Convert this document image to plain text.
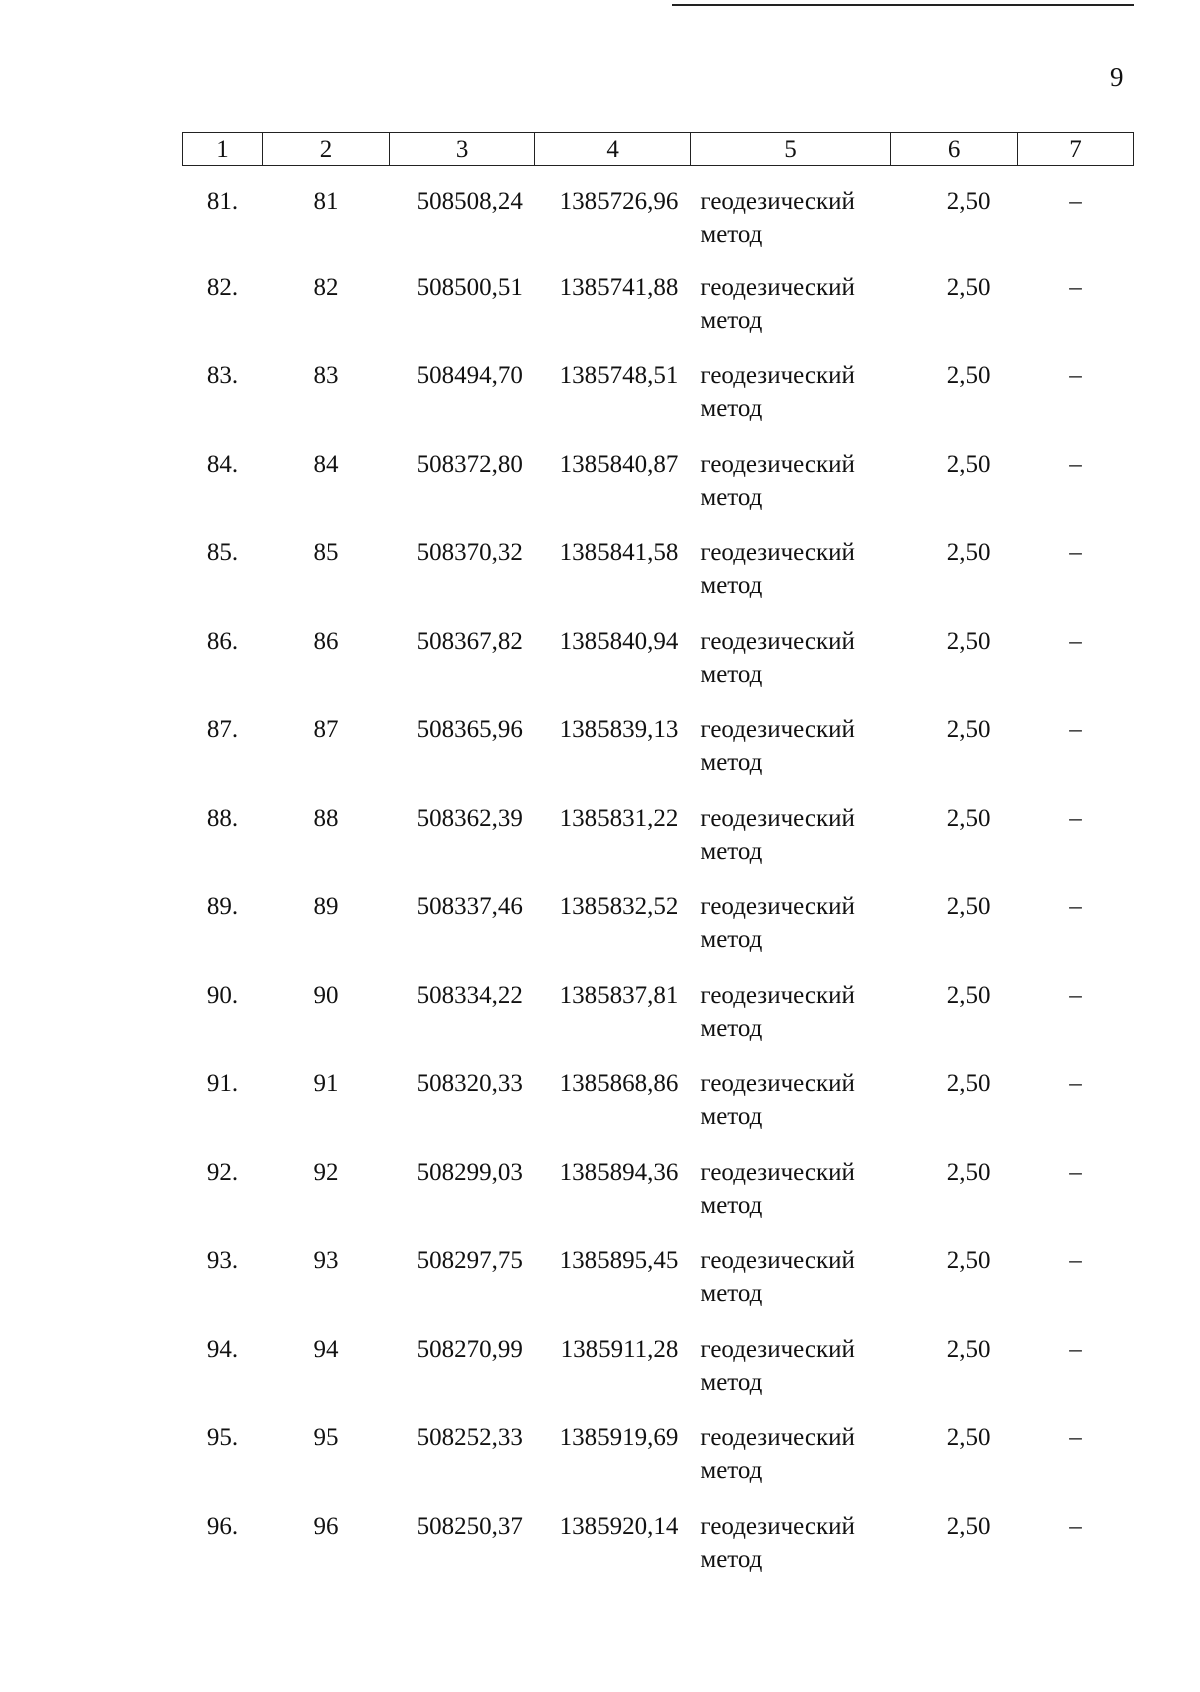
9
1	2	3	4	5	6	7
81.	81	508508,24	1385726,96	геодезический метод	2,50	–
82.	82	508500,51	1385741,88	геодезический метод	2,50	–
83.	83	508494,70	1385748,51	геодезический метод	2,50	–
84.	84	508372,80	1385840,87	геодезический метод	2,50	–
85.	85	508370,32	1385841,58	геодезический метод	2,50	–
86.	86	508367,82	1385840,94	геодезический метод	2,50	–
87.	87	508365,96	1385839,13	геодезический метод	2,50	–
88.	88	508362,39	1385831,22	геодезический метод	2,50	–
89.	89	508337,46	1385832,52	геодезический метод	2,50	–
90.	90	508334,22	1385837,81	геодезический метод	2,50	–
91.	91	508320,33	1385868,86	геодезический метод	2,50	–
92.	92	508299,03	1385894,36	геодезический метод	2,50	–
93.	93	508297,75	1385895,45	геодезический метод	2,50	–
94.	94	508270,99	1385911,28	геодезический метод	2,50	–
95.	95	508252,33	1385919,69	геодезический метод	2,50	–
96.	96	508250,37	1385920,14	геодезический метод	2,50	–
